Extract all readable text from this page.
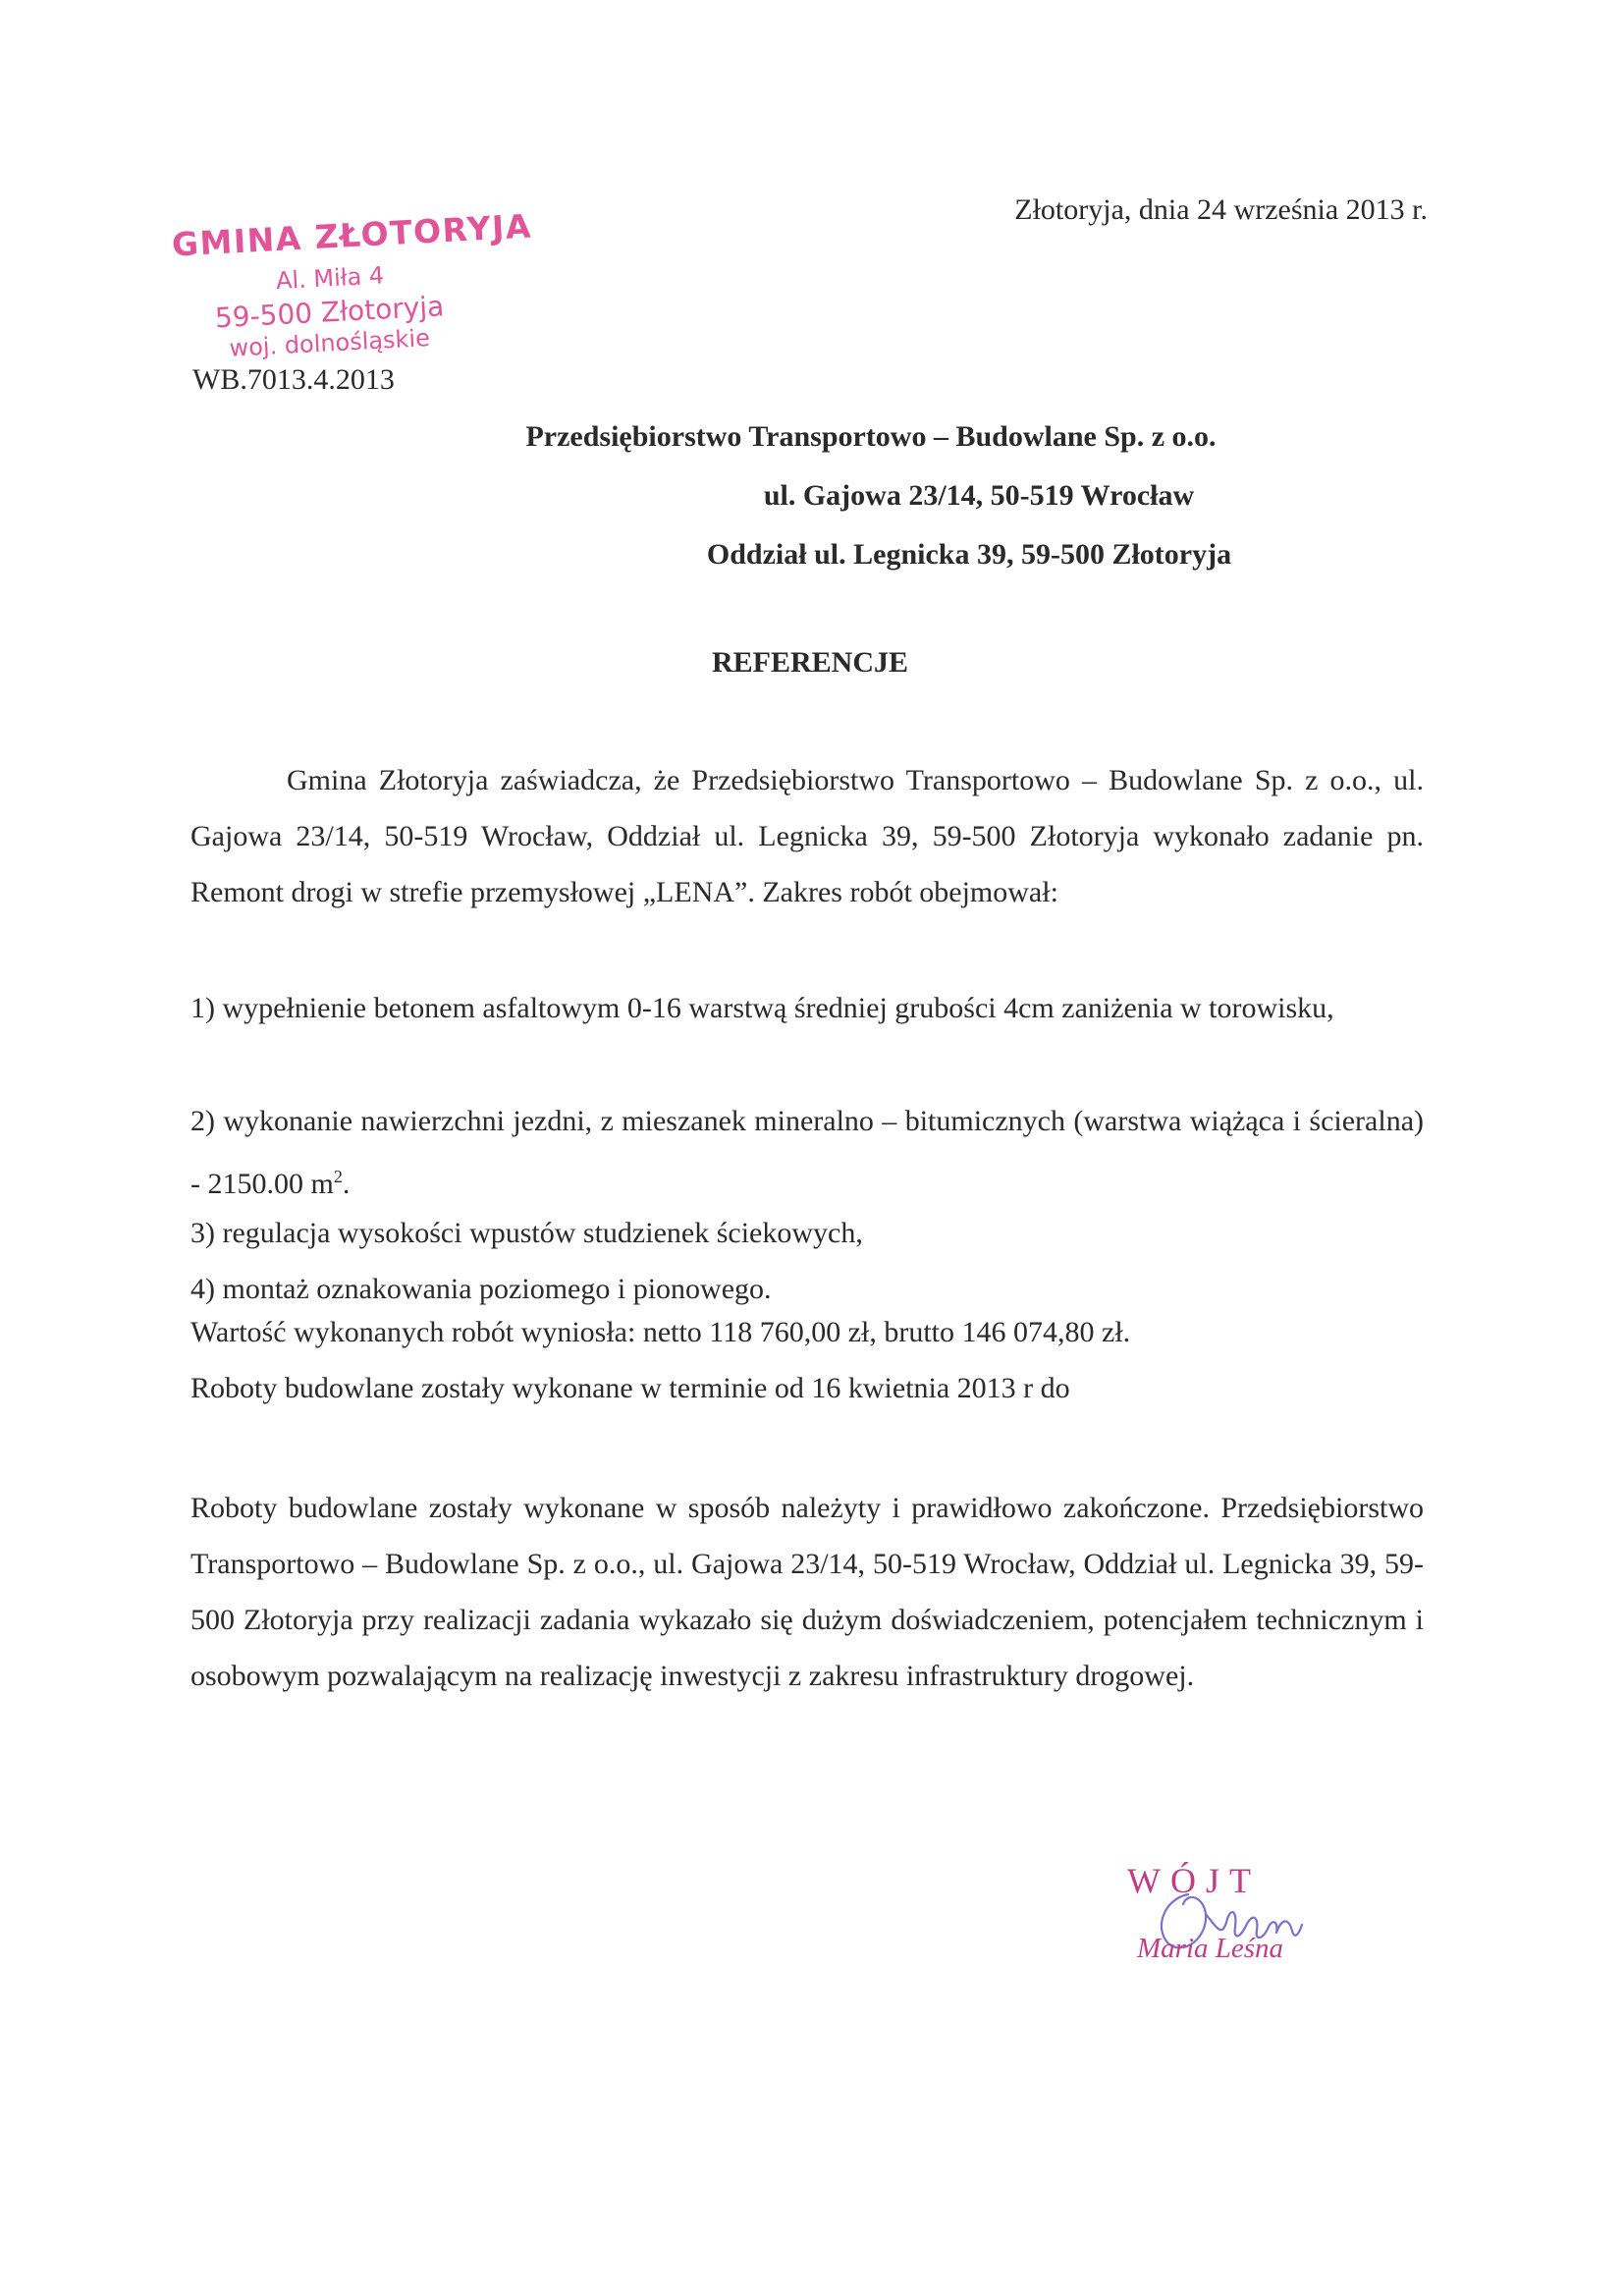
GMINA ZŁOTORYJA
Al. Miła 4
59-500 Złotoryja
woj. dolnośląskie
Złotoryja, dnia 24 września 2013 r.
WB.7013.4.2013
Przedsiębiorstwo Transportowo – Budowlane Sp. z o.o.
ul. Gajowa 23/14, 50-519 Wrocław
Oddział ul. Legnicka 39, 59-500 Złotoryja
REFERENCJE
Gmina Złotoryja zaświadcza, że Przedsiębiorstwo Transportowo – Budowlane Sp. z o.o., ul. Gajowa 23/14, 50-519 Wrocław, Oddział ul. Legnicka 39, 59-500 Złotoryja wykonało zadanie pn. Remont drogi w strefie przemysłowej „LENA”. Zakres robót obejmował:
1) wypełnienie betonem asfaltowym 0-16 warstwą średniej grubości 4cm zaniżenia w torowisku,
2) wykonanie nawierzchni jezdni, z mieszanek mineralno – bitumicznych (warstwa wiążąca i ścieralna) - 2150.00 $m^2$.
3) regulacja wysokości wpustów studzienek ściekowych,
4) montaż oznakowania poziomego i pionowego.
Wartość wykonanych robót wyniosła: netto 118 760,00 zł, brutto 146 074,80 zł.
Roboty budowlane zostały wykonane w terminie od 16 kwietnia 2013 r do
Roboty budowlane zostały wykonane w sposób należyty i prawidłowo zakończone. Przedsiębiorstwo Transportowo – Budowlane Sp. z o.o., ul. Gajowa 23/14, 50-519 Wrocław, Oddział ul. Legnicka 39, 59-500 Złotoryja przy realizacji zadania wykazało się dużym doświadczeniem, potencjałem technicznym i osobowym pozwalającym na realizację inwestycji z zakresu infrastruktury drogowej.
WÓJT
Maria Leśna
